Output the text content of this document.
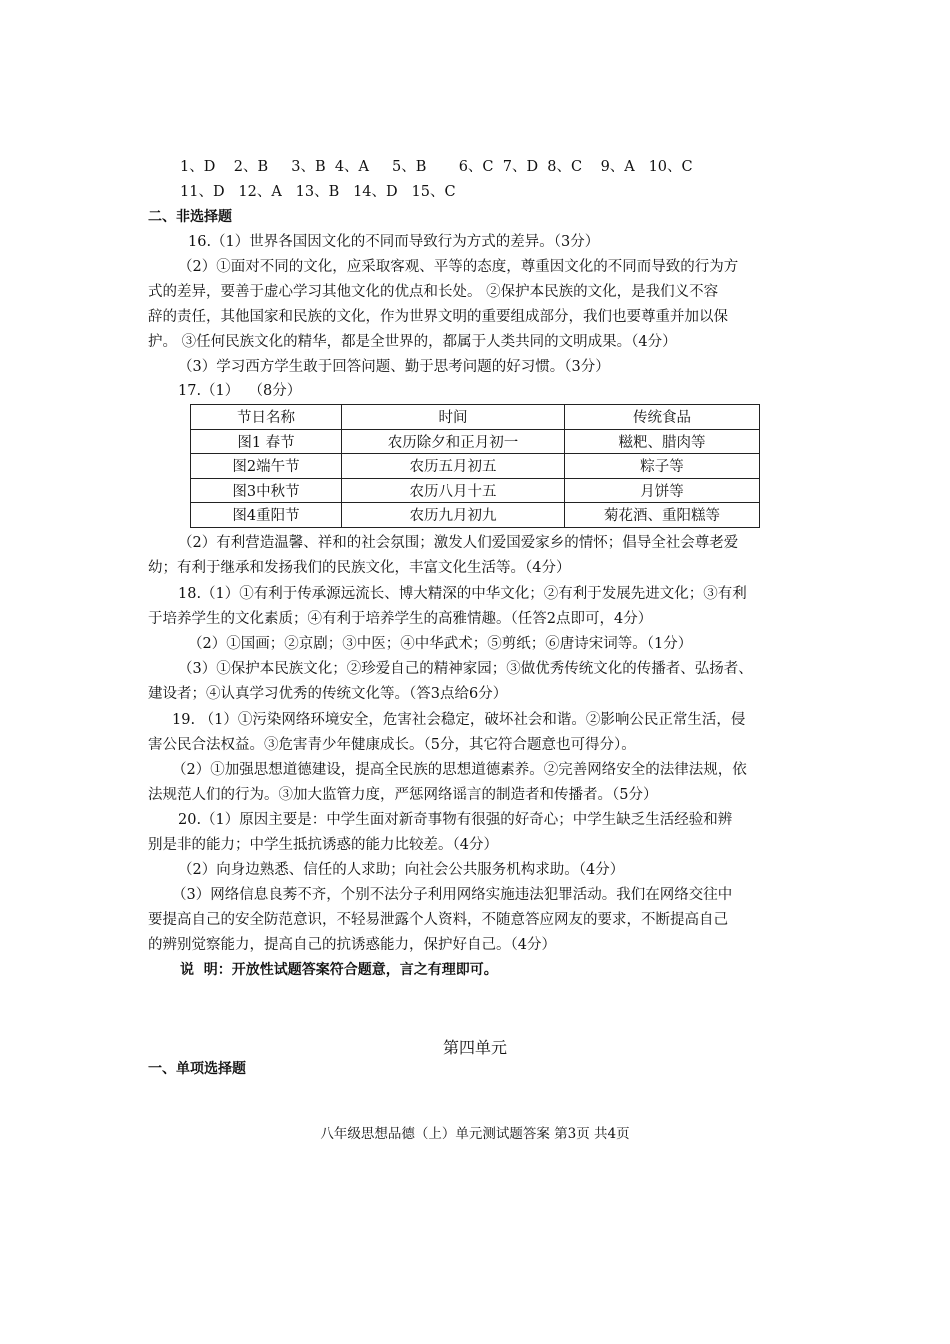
1、D    2、B     3、B  4、A     5、B       6、C  7、D  8、C    9、A   10、C
11、D   12、A   13、B   14、D   15、C
二、非选择题
16.（1）世界各国因文化的不同而导致行为方式的差异。（3分）
（2）①面对不同的文化，应采取客观、平等的态度，尊重因文化的不同而导致的行为方
式的差异，要善于虚心学习其他文化的优点和长处。 ②保护本民族的文化，是我们义不容
辞的责任，其他国家和民族的文化，作为世界文明的重要组成部分，我们也要尊重并加以保
护。 ③任何民族文化的精华，都是全世界的，都属于人类共同的文明成果。（4分）
（3）学习西方学生敢于回答问题、勤于思考问题的好习惯。（3分）
17.（1）  （8分）
节日名称	时间	传统食品
图1 春节	农历除夕和正月初一	糍粑、腊肉等
图2端午节	农历五月初五	粽子等
图3中秋节	农历八月十五	月饼等
图4重阳节	农历九月初九	菊花酒、重阳糕等
（2）有利营造温馨、祥和的社会氛围；激发人们爱国爱家乡的情怀；倡导全社会尊老爱
幼；有利于继承和发扬我们的民族文化，丰富文化生活等。（4分）
18.（1）①有利于传承源远流长、博大精深的中华文化；②有利于发展先进文化；③有利
于培养学生的文化素质；④有利于培养学生的高雅情趣。（任答2点即可，4分）
（2）①国画；②京剧；③中医；④中华武术；⑤剪纸；⑥唐诗宋词等。（1分）
（3）①保护本民族文化；②珍爱自己的精神家园；③做优秀传统文化的传播者、弘扬者、
建设者；④认真学习优秀的传统文化等。（答3点给6分）
19. （1）①污染网络环境安全，危害社会稳定，破坏社会和谐。②影响公民正常生活，侵
害公民合法权益。③危害青少年健康成长。（5分，其它符合题意也可得分）。
（2）①加强思想道德建设，提高全民族的思想道德素养。②完善网络安全的法律法规，依
法规范人们的行为。③加大监管力度，严惩网络谣言的制造者和传播者。（5分）
20.（1）原因主要是：中学生面对新奇事物有很强的好奇心；中学生缺乏生活经验和辨
别是非的能力；中学生抵抗诱惑的能力比较差。（4分）
（2）向身边熟悉、信任的人求助；向社会公共服务机构求助。（4分）
（3）网络信息良莠不齐，个别不法分子利用网络实施违法犯罪活动。我们在网络交往中
要提高自己的安全防范意识，不轻易泄露个人资料，不随意答应网友的要求，不断提高自己
的辨别觉察能力，提高自己的抗诱惑能力，保护好自己。（4分）
说  明：开放性试题答案符合题意，言之有理即可。
第四单元
一、单项选择题
八年级思想品德（上）单元测试题答案 第3页 共4页
